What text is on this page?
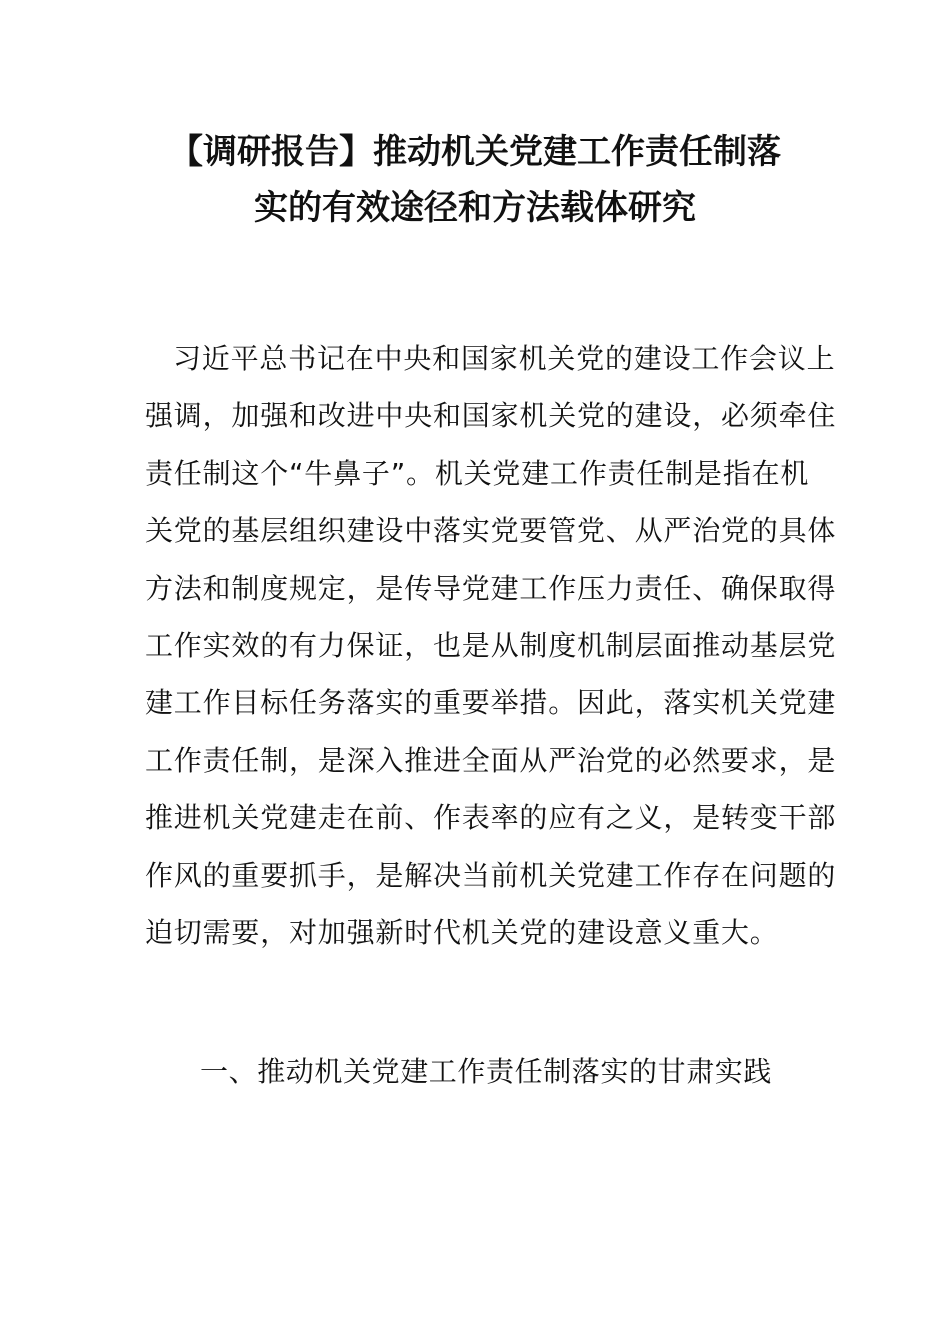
【调研报告】推动机关党建工作责任制落
实的有效途径和方法载体研究
习近平总书记在中央和国家机关党的建设工作会议上
强调，加强和改进中央和国家机关党的建设，必须牵住
责任制这个“牛鼻子”。机关党建工作责任制是指在机
关党的基层组织建设中落实党要管党、从严治党的具体
方法和制度规定，是传导党建工作压力责任、确保取得
工作实效的有力保证，也是从制度机制层面推动基层党
建工作目标任务落实的重要举措。因此，落实机关党建
工作责任制，是深入推进全面从严治党的必然要求，是
推进机关党建走在前、作表率的应有之义，是转变干部
作风的重要抓手，是解决当前机关党建工作存在问题的
迫切需要，对加强新时代机关党的建设意义重大。
一、推动机关党建工作责任制落实的甘肃实践
